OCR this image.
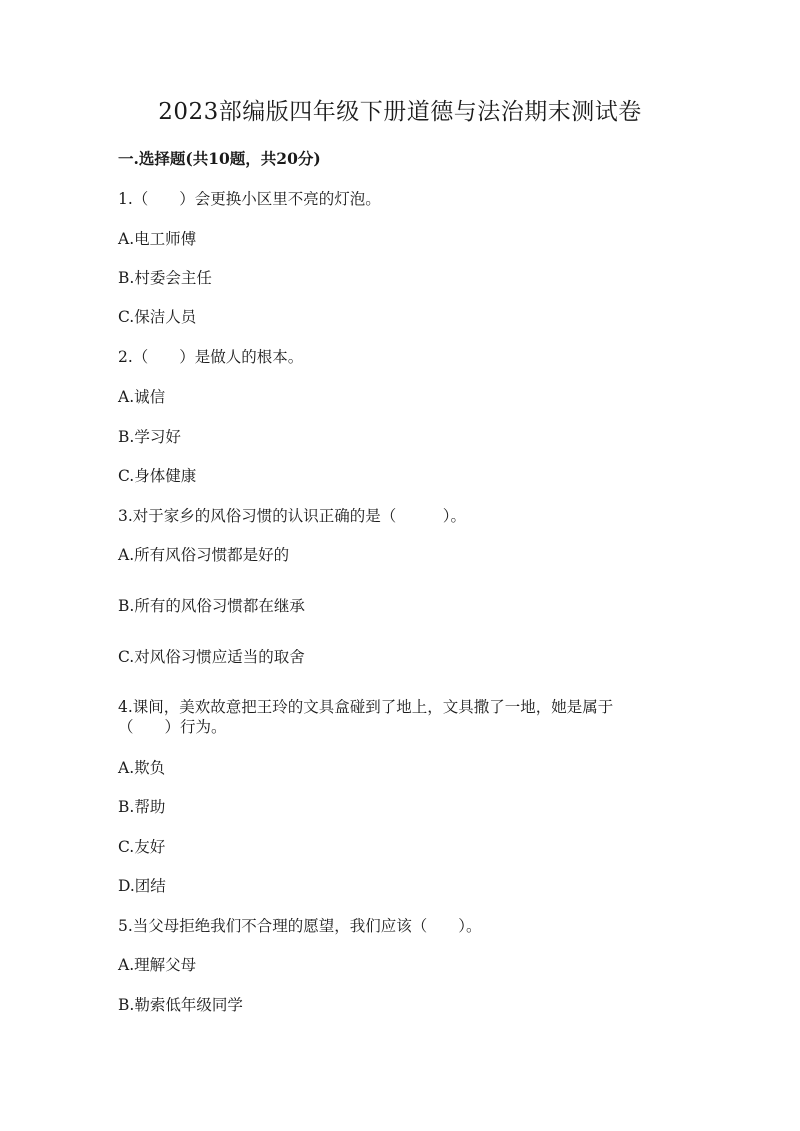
2023部编版四年级下册道德与法治期末测试卷
一.选择题(共10题，共20分)
1.（　　）会更换小区里不亮的灯泡。
A.电工师傅
B.村委会主任
C.保洁人员
2.（　　）是做人的根本。
A.诚信
B.学习好
C.身体健康
3.对于家乡的风俗习惯的认识正确的是（　　　）。
A.所有风俗习惯都是好的
B.所有的风俗习惯都在继承
C.对风俗习惯应适当的取舍
4.课间，美欢故意把王玲的文具盒碰到了地上，文具撒了一地，她是属于
（　　）行为。
A.欺负
B.帮助
C.友好
D.团结
5.当父母拒绝我们不合理的愿望，我们应该（　　）。
A.理解父母
B.勒索低年级同学
